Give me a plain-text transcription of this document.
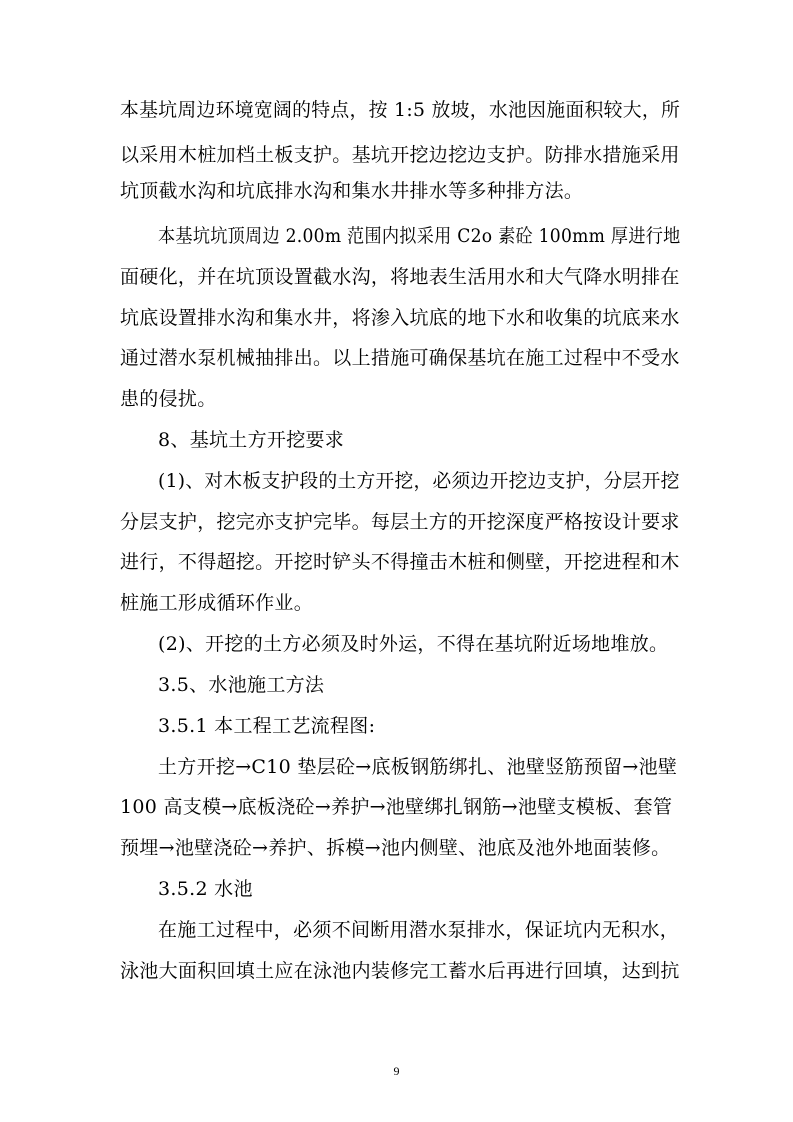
本基坑周边环境宽阔的特点，按 1:5 放坡，水池因施面积较大，所
以采用木桩加档土板支护。基坑开挖边挖边支护。防排水措施采用
坑顶截水沟和坑底排水沟和集水井排水等多种排方法。
本基坑坑顶周边 2.00m 范围内拟采用 C2o 素砼 100mm 厚进行地
面硬化，并在坑顶设置截水沟，将地表生活用水和大气降水明排在
坑底设置排水沟和集水井，将渗入坑底的地下水和收集的坑底来水
通过潜水泵机械抽排出。以上措施可确保基坑在施工过程中不受水
患的侵扰。
8、基坑土方开挖要求
(1)、对木板支护段的土方开挖，必须边开挖边支护，分层开挖
分层支护，挖完亦支护完毕。每层土方的开挖深度严格按设计要求
进行，不得超挖。开挖时铲头不得撞击木桩和侧壁，开挖进程和木
桩施工形成循环作业。
(2)、开挖的土方必须及时外运，不得在基坑附近场地堆放。
3.5、水池施工方法
3.5.1 本工程工艺流程图:
土方开挖→C10 垫层砼→底板钢筋绑扎、池壁竖筋预留→池壁
100 高支模→底板浇砼→养护→池壁绑扎钢筋→池壁支模板、套管
预埋→池壁浇砼→养护、拆模→池内侧壁、池底及池外地面装修。
3.5.2 水池
在施工过程中，必须不间断用潜水泵排水，保证坑内无积水，
泳池大面积回填土应在泳池内装修完工蓄水后再进行回填，达到抗
9
